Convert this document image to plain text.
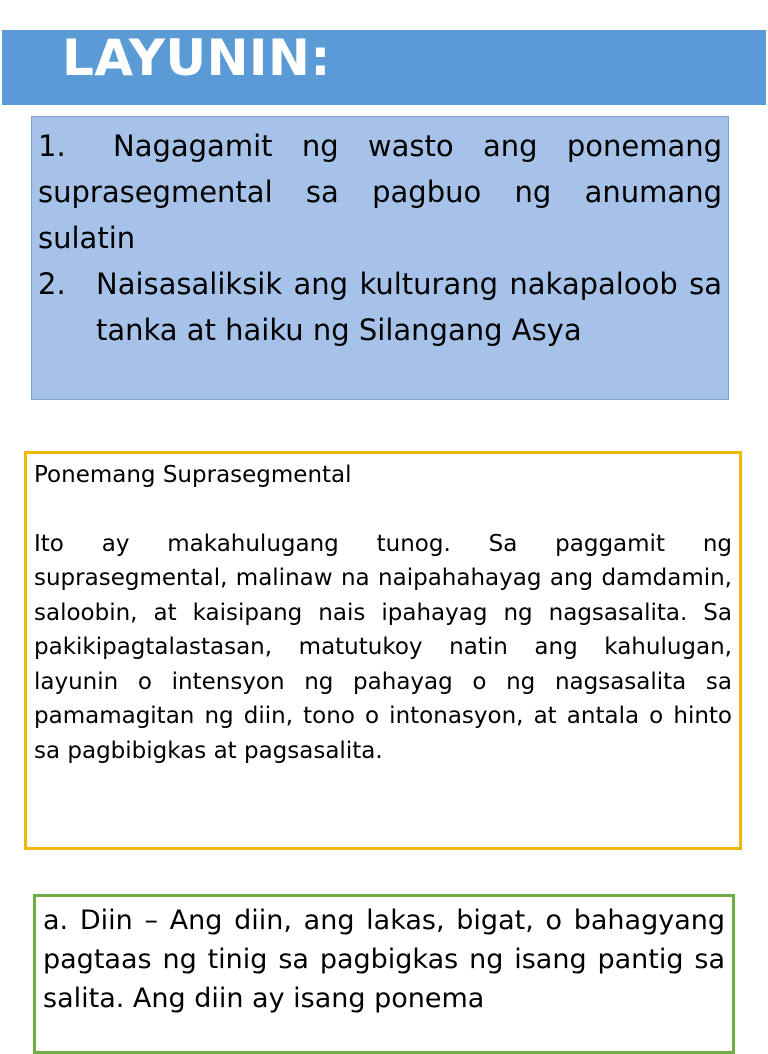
LAYUNIN:
1. Nagagamit ng wasto ang ponemang suprasegmental sa pagbuo ng anumang sulatin
2.	Naisasaliksik ang kulturang nakapaloob sa tanka at haiku ng Silangang Asya
Ponemang Suprasegmental
Ito ay makahulugang tunog. Sa paggamit ng suprasegmental, malinaw na naipahahayag ang damdamin, saloobin, at kaisipang nais ipahayag ng nagsasalita. Sa pakikipagtalastasan, matutukoy natin ang kahulugan, layunin o intensyon ng pahayag o ng nagsasalita sa pamamagitan ng diin, tono o intonasyon, at antala o hinto sa pagbibigkas at pagsasalita.
a. Diin – Ang diin, ang lakas, bigat, o bahagyang pagtaas ng tinig sa pagbigkas ng isang pantig sa salita. Ang diin ay isang ponema
